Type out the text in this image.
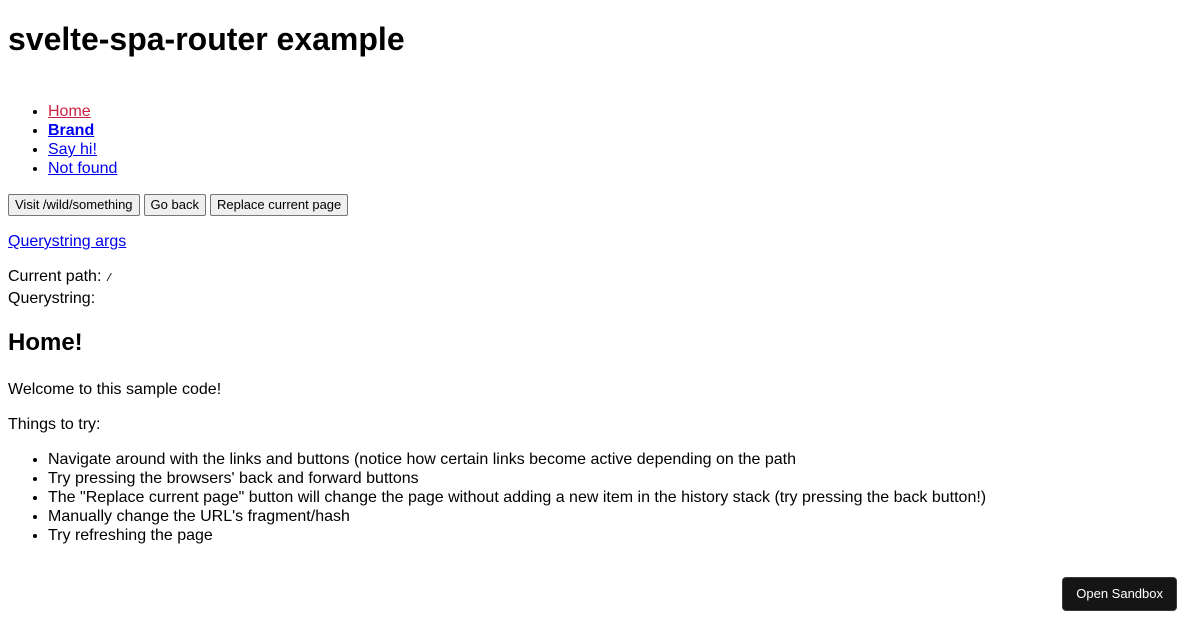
svelte-spa-router example
• Home
• Brand
• Say hi!
• Not found
Visit /wild/something	Go back	Replace current page
Querystring args
Current path: /
Querystring:
Home!

Welcome to this sample code!

Things to try:

• Navigate around with the links and buttons (notice how certain links become active depending on the path
• Try pressing the browsers' back and forward buttons
• The "Replace current page" button will change the page without adding a new item in the history stack (try pressing the back button!)
• Manually change the URL's fragment/hash
• Try refreshing the page
Open Sandbox
